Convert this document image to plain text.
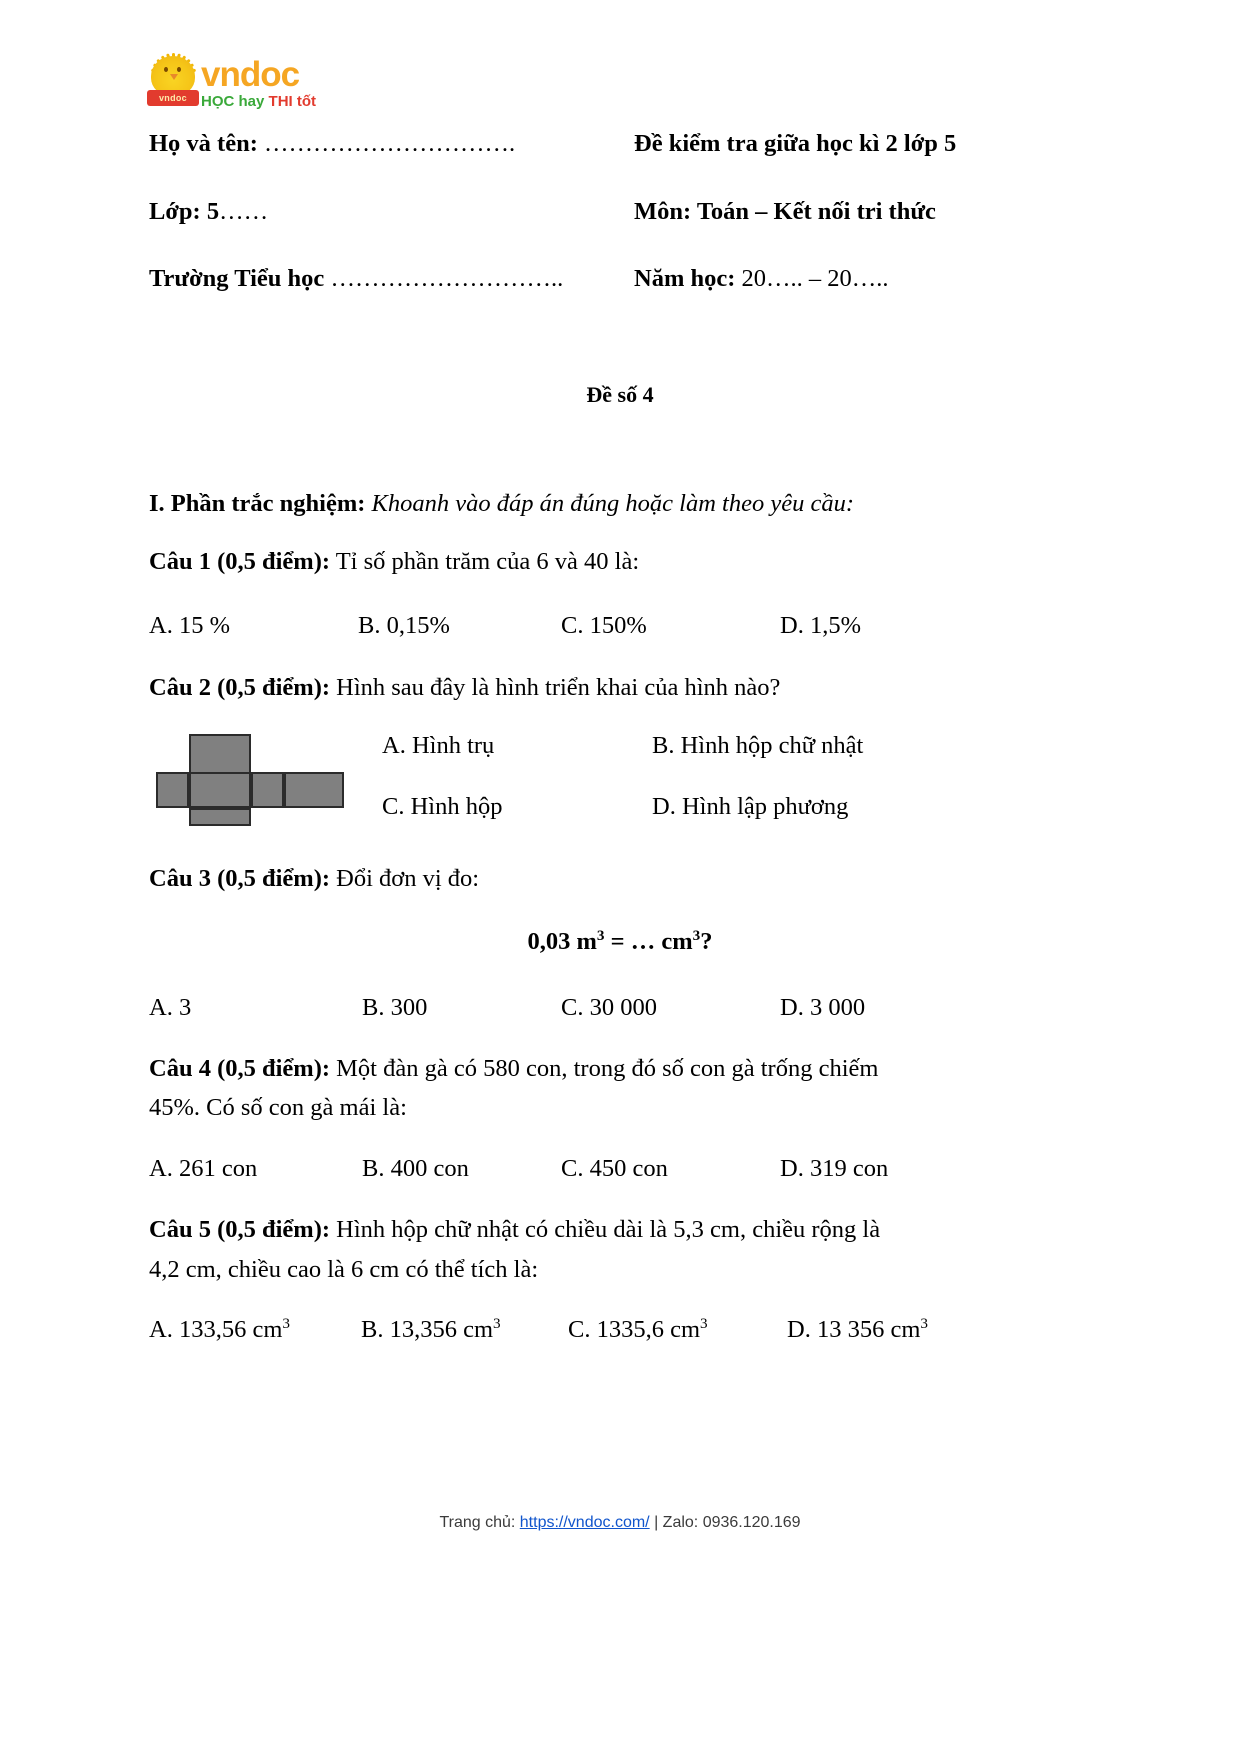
vndoc
vndoc
HỌC hay THI tốt
Họ và tên: ………………………….	Đề kiểm tra giữa học kì 2 lớp 5
Lớp: 5……	Môn: Toán – Kết nối tri thức
Trường Tiểu học ………………………..	Năm học: 20….. – 20…..
Đề số 4
I. Phần trắc nghiệm: Khoanh vào đáp án đúng hoặc làm theo yêu cầu:
Câu 1 (0,5 điểm): Tỉ số phần trăm của 6 và 40 là:
A. 15 %	B. 0,15%	C. 150%	D. 1,5%
Câu 2 (0,5 điểm): Hình sau đây là hình triển khai của hình nào?
A. Hình trụ	B. Hình hộp chữ nhật
C. Hình hộp	D. Hình lập phương
Câu 3 (0,5 điểm): Đổi đơn vị đo:
0,03 $m^3$ = … $cm^3$?
A. 3	B. 300	C. 30 000	D. 3 000
Câu 4 (0,5 điểm): Một đàn gà có 580 con, trong đó số con gà trống chiếm
45%. Có số con gà mái là:
A. 261 con	B. 400 con	C. 450 con	D. 319 con
Câu 5 (0,5 điểm): Hình hộp chữ nhật có chiều dài là 5,3 cm, chiều rộng là
4,2 cm, chiều cao là 6 cm có thể tích là:
A. 133,56 $cm^3$	B. 13,356 $cm^3$	C. 1335,6 $cm^3$	D. 13 356 $cm^3$
Trang chủ: https://vndoc.com/ | Zalo: 0936.120.169
